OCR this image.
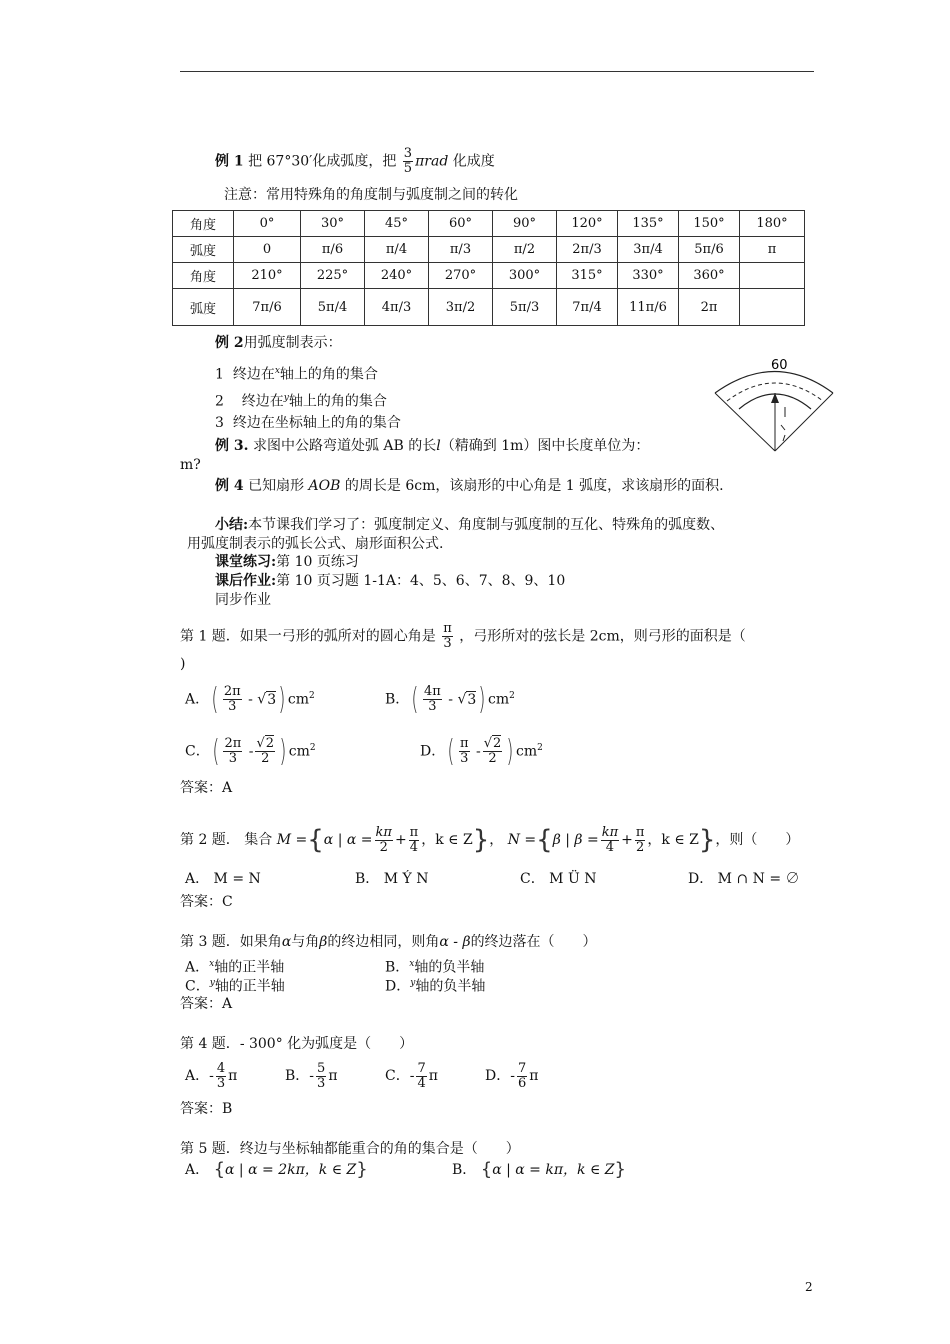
例 1 把 67°30′化成弧度，把 $\frac{3}{5}$ πrad 化成度
注意：常用特殊角的角度制与弧度制之间的转化
角度	0°	30°	45°	60°	90°	120°	135°	150°	180°
弧度	0	π/6	π/4	π/3	π/2	2π/3	3π/4	5π/6	π
角度	210°	225°	240°	270°	300°	315°	330°	360°	
弧度	7π/6	5π/4	4π/3	3π/2	5π/3	7π/4	11π/6	2π	
例 2用弧度制表示：
1 终边在$^x$轴上的角的集合
2 终边在$^y$轴上的角的集合
3 终边在坐标轴上的角的集合
60
例 3. 求图中公路弯道处弧 AB 的长l（精确到 1m）图中长度单位为：
m?
例 4 已知扇形 AOB 的周长是 6cm，该扇形的中心角是 1 弧度，求该扇形的面积.
小结:本节课我们学习了：弧度制定义、角度制与弧度制的互化、特殊角的弧度数、
用弧度制表示的弧长公式、扇形面积公式.
课堂练习:第 10 页练习
课后作业:第 10 页习题 1-1A：4、5、6、7、8、9、10
同步作业
第 1 题．如果一弓形的弧所对的圆心角是 $\frac{\pi}{3}$ ，弓形所对的弦长是 2cm，则弓形的面积是（
)
A．( $\frac{2\pi}{3} - √3$) $cm^2$	B．( $\frac{4\pi}{3} - √3$) $cm^2$
C．( $\frac{2\pi}{3} - \frac{√2}{2}$ ) $cm^2$	D．( $\frac{\pi}{3} - \frac{√2}{2}$ ) $cm^2$
答案：A
第 2 题． 集合 M ={α | $\alpha = \frac{k\pi}{2} + \frac{\pi}{4}$ ，k ∈ Z}， N ={β | $\beta = \frac{k\pi}{4} + \frac{\pi}{2}$ ，k ∈ Z}，则（　　）
A． M = N	B． M Ý N	C． M Ü N	D． M ∩ N = ∅
答案：C
第 3 题．如果角α与角β的终边相同，则角α - β的终边落在（　　）
A．$^x$轴的正半轴	B．$^x$轴的负半轴
C．$^y$轴的正半轴	D．$^y$轴的负半轴
答案：A
第 4 题．- 300° 化为弧度是（　　）
A．- $\frac{4}{3}$ π	B．- $\frac{5}{3}$ π	C．- $\frac{7}{4}$ π	D．- $\frac{7}{6}$ π
答案：B
第 5 题．终边与坐标轴都能重合的角的集合是（　　）
A． {α | α = 2kπ，k ∈ Z}	B． {α | α = kπ，k ∈ Z}
2
